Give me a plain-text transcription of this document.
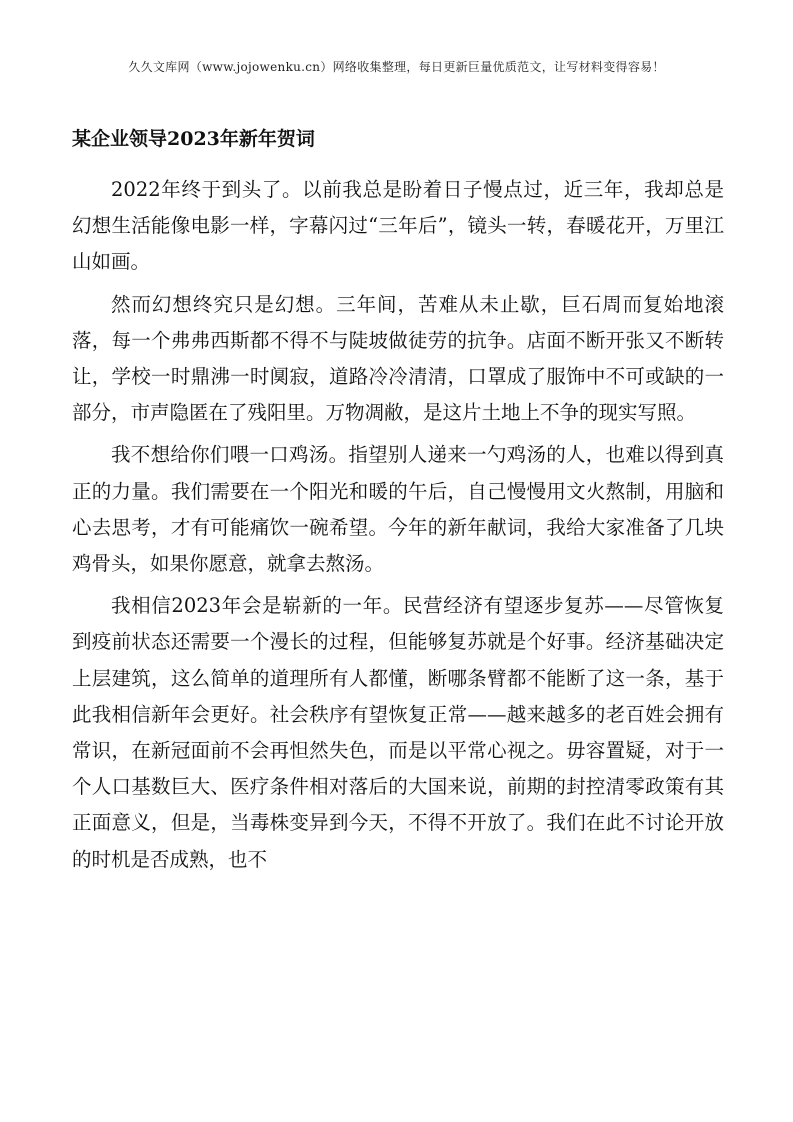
久久文库网（www.jojowenku.cn）网络收集整理，每日更新巨量优质范文，让写材料变得容易！
某企业领导2023年新年贺词

2022年终于到头了。以前我总是盼着日子慢点过，近三年，我却总是幻想生活能像电影一样，字幕闪过“三年后”，镜头一转，春暖花开，万里江山如画。

然而幻想终究只是幻想。三年间，苦难从未止歇，巨石周而复始地滚落，每一个弗弗西斯都不得不与陡坡做徒劳的抗争。店面不断开张又不断转让，学校一时鼎沸一时阒寂，道路冷冷清清，口罩成了服饰中不可或缺的一部分，市声隐匿在了残阳里。万物凋敝，是这片土地上不争的现实写照。

我不想给你们喂一口鸡汤。指望别人递来一勺鸡汤的人，也难以得到真正的力量。我们需要在一个阳光和暖的午后，自己慢慢用文火熬制，用脑和心去思考，才有可能痛饮一碗希望。今年的新年献词，我给大家准备了几块鸡骨头，如果你愿意，就拿去熬汤。

我相信2023年会是崭新的一年。民营经济有望逐步复苏——尽管恢复到疫前状态还需要一个漫长的过程，但能够复苏就是个好事。经济基础决定上层建筑，这么简单的道理所有人都懂，断哪条臂都不能断了这一条，基于此我相信新年会更好。社会秩序有望恢复正常——越来越多的老百姓会拥有常识，在新冠面前不会再怛然失色，而是以平常心视之。毋容置疑，对于一个人口基数巨大、医疗条件相对落后的大国来说，前期的封控清零政策有其正面意义，但是，当毒株变异到今天，不得不开放了。我们在此不讨论开放的时机是否成熟，也不
